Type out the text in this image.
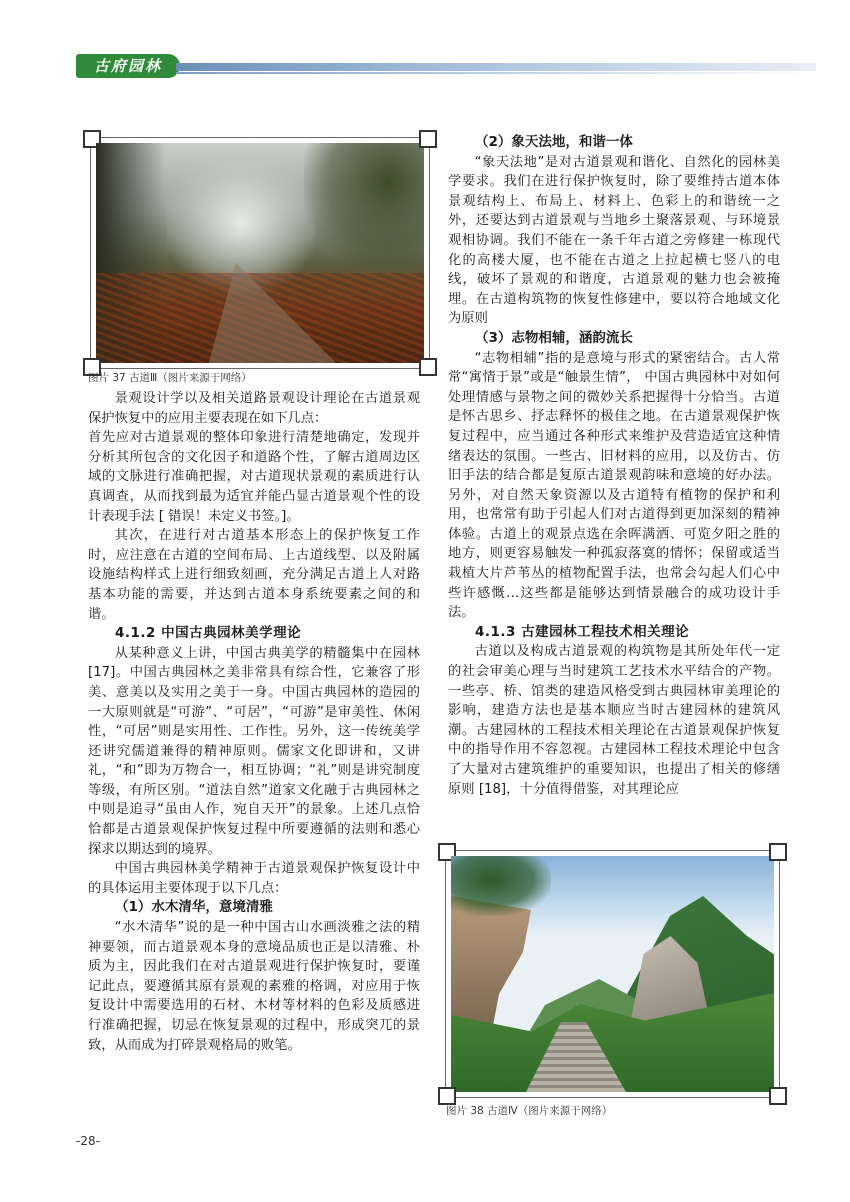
古府园林
图片 37 古道Ⅲ（图片来源于网络）
图片 38 古道Ⅳ（图片来源于网络）

景观设计学以及相关道路景观设计理论在古道景观保护恢复中的应用主要表现在如下几点：

首先应对古道景观的整体印象进行清楚地确定，发现并分析其所包含的文化因子和道路个性，了解古道周边区域的文脉进行准确把握，对古道现状景观的素质进行认真调查，从而找到最为适宜并能凸显古道景观个性的设计表现手法 [ 错误！未定义书签。]。

其次，在进行对古道基本形态上的保护恢复工作时，应注意在古道的空间布局、上古道线型、以及附属设施结构样式上进行细致刻画，充分满足古道上人对路基本功能的需要，并达到古道本身系统要素之间的和谐。

4.1.2 中国古典园林美学理论

从某种意义上讲，中国古典美学的精髓集中在园林 [17]。中国古典园林之美非常具有综合性，它兼容了形美、意美以及实用之美于一身。中国古典园林的造园的一大原则就是“可游”、“可居”，“可游”是审美性、休闲性，“可居”则是实用性、工作性。另外，这一传统美学还讲究儒道兼得的精神原则。儒家文化即讲和，又讲礼，“和”即为万物合一，相互协调；“礼”则是讲究制度等级，有所区别。“道法自然”道家文化融于古典园林之中则是追寻“虽由人作，宛自天开”的景象。上述几点恰恰都是古道景观保护恢复过程中所要遵循的法则和悉心探求以期达到的境界。

中国古典园林美学精神于古道景观保护恢复设计中的具体运用主要体现于以下几点：

（1）水木清华，意境清雅

“水木清华”说的是一种中国古山水画淡雅之法的精神要领，而古道景观本身的意境品质也正是以清雅、朴质为主，因此我们在对古道景观进行保护恢复时，要谨记此点，要遵循其原有景观的素雅的格调，对应用于恢复设计中需要选用的石材、木材等材料的色彩及质感进行准确把握，切忌在恢复景观的过程中，形成突兀的景致，从而成为打碎景观格局的败笔。

（2）象天法地，和谐一体

“象天法地”是对古道景观和谐化、自然化的园林美学要求。我们在进行保护恢复时，除了要维持古道本体景观结构上、布局上、材料上、色彩上的和谐统一之外，还要达到古道景观与当地乡土聚落景观、与环境景观相协调。我们不能在一条千年古道之旁修建一栋现代化的高楼大厦，也不能在古道之上拉起横七竖八的电线，破坏了景观的和谐度，古道景观的魅力也会被掩埋。在古道构筑物的恢复性修建中，要以符合地域文化为原则

（3）志物相辅，涵韵流长

“志物相辅”指的是意境与形式的紧密结合。古人常常“寓情于景”或是“触景生情”， 中国古典园林中对如何处理情感与景物之间的微妙关系把握得十分恰当。古道是怀古思乡、抒志释怀的极佳之地。在古道景观保护恢复过程中，应当通过各种形式来维护及营造适宜这种情绪表达的氛围。一些古、旧材料的应用，以及仿古、仿旧手法的结合都是复原古道景观韵味和意境的好办法。另外，对自然天象资源以及古道特有植物的保护和利用，也常常有助于引起人们对古道得到更加深刻的精神体验。古道上的观景点选在余晖满洒、可览夕阳之胜的地方，则更容易触发一种孤寂落寞的情怀；保留或适当栽植大片芦苇丛的植物配置手法，也常会勾起人们心中些许感慨…这些都是能够达到情景融合的成功设计手法。

4.1.3 古建园林工程技术相关理论

古道以及构成古道景观的构筑物是其所处年代一定的社会审美心理与当时建筑工艺技术水平结合的产物。一些亭、桥、馆类的建造风格受到古典园林审美理论的影响，建造方法也是基本顺应当时古建园林的建筑风潮。古建园林的工程技术相关理论在古道景观保护恢复中的指导作用不容忽视。古建园林工程技术理论中包含了大量对古建筑维护的重要知识，也提出了相关的修缮原则 [18]，十分值得借鉴，对其理论应

-28-
